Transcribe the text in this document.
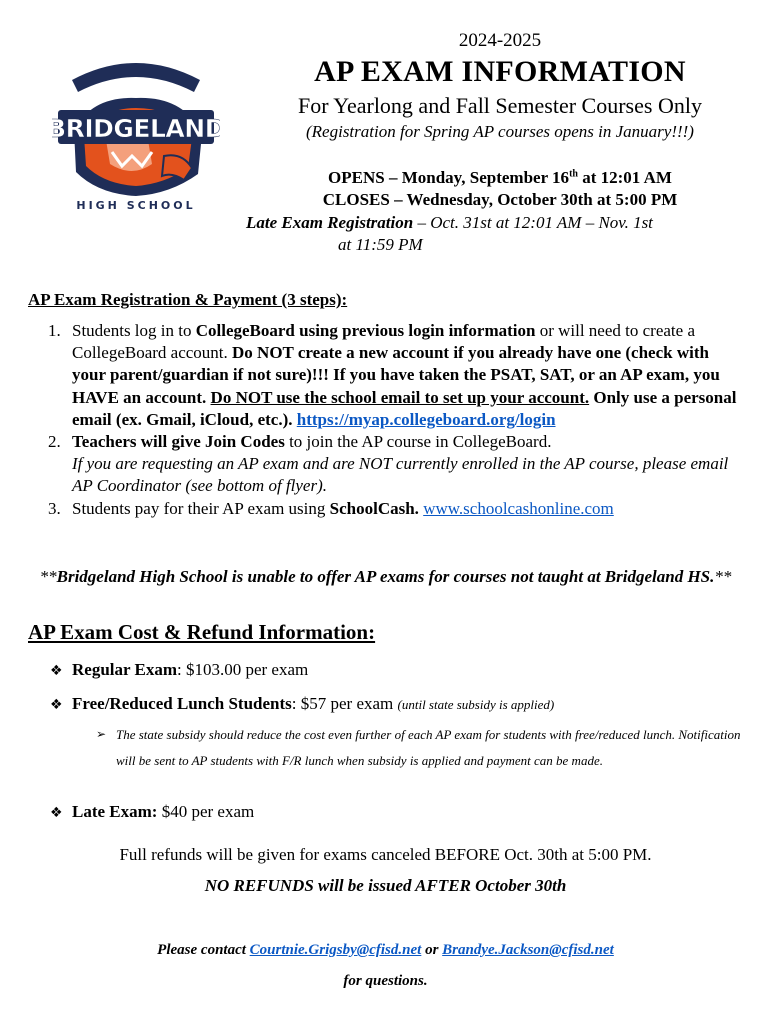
HOME OF THE BEARS
BRIDGELAND
HIGH SCHOOL

2024-2025

AP EXAM INFORMATION

For Yearlong and Fall Semester Courses Only

(Registration for Spring AP courses opens in January!!!)

OPENS – Monday, September 16th at 12:01 AM

CLOSES – Wednesday, October 30th at 5:00 PM

Late Exam Registration – Oct. 31st at 12:01 AM – Nov. 1st
at 11:59 PM

AP Exam Registration & Payment (3 steps):

1. Students log in to CollegeBoard using previous login information or will need to create a CollegeBoard account. Do NOT create a new account if you already have one (check with your parent/guardian if not sure)!!! If you have taken the PSAT, SAT, or an AP exam, you HAVE an account. Do NOT use the school email to set up your account. Only use a personal email (ex. Gmail, iCloud, etc.). https://myap.collegeboard.org/login
2. Teachers will give Join Codes to join the AP course in CollegeBoard.
If you are requesting an AP exam and are NOT currently enrolled in the AP course, please email AP Coordinator (see bottom of flyer).
3. Students pay for their AP exam using SchoolCash. www.schoolcashonline.com
**Bridgeland High School is unable to offer AP exams for courses not taught at Bridgeland HS.**

AP Exam Cost & Refund Information:

❖ Regular Exam: $103.00 per exam
❖ Free/Reduced Lunch Students: $57 per exam (until state subsidy is applied)
➢ The state subsidy should reduce the cost even further of each AP exam for students with free/reduced lunch. Notification will be sent to AP students with F/R lunch when subsidy is applied and payment can be made.
❖ Late Exam: $40 per exam

Full refunds will be given for exams canceled BEFORE Oct. 30th at 5:00 PM.

NO REFUNDS will be issued AFTER October 30th

Please contact Courtnie.Grigsby@cfisd.net or Brandye.Jackson@cfisd.net

for questions.
